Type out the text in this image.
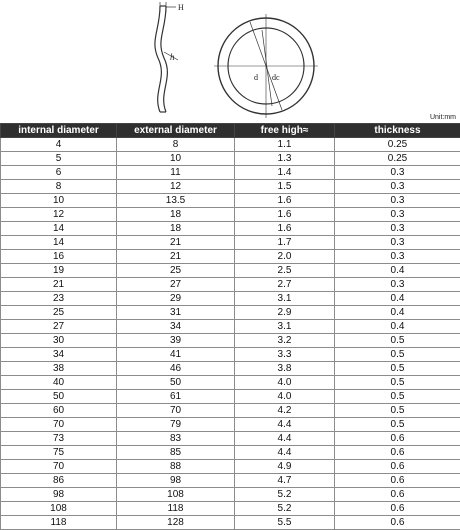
H
h
d dc
Unit:mm
internal diameter	external diameter	free high≈	thickness
4	8	1.1	0.25
5	10	1.3	0.25
6	11	1.4	0.3
8	12	1.5	0.3
10	13.5	1.6	0.3
12	18	1.6	0.3
14	18	1.6	0.3
14	21	1.7	0.3
16	21	2.0	0.3
19	25	2.5	0.4
21	27	2.7	0.3
23	29	3.1	0.4
25	31	2.9	0.4
27	34	3.1	0.4
30	39	3.2	0.5
34	41	3.3	0.5
38	46	3.8	0.5
40	50	4.0	0.5
50	61	4.0	0.5
60	70	4.2	0.5
70	79	4.4	0.5
73	83	4.4	0.6
75	85	4.4	0.6
70	88	4.9	0.6
86	98	4.7	0.6
98	108	5.2	0.6
108	118	5.2	0.6
118	128	5.5	0.6
